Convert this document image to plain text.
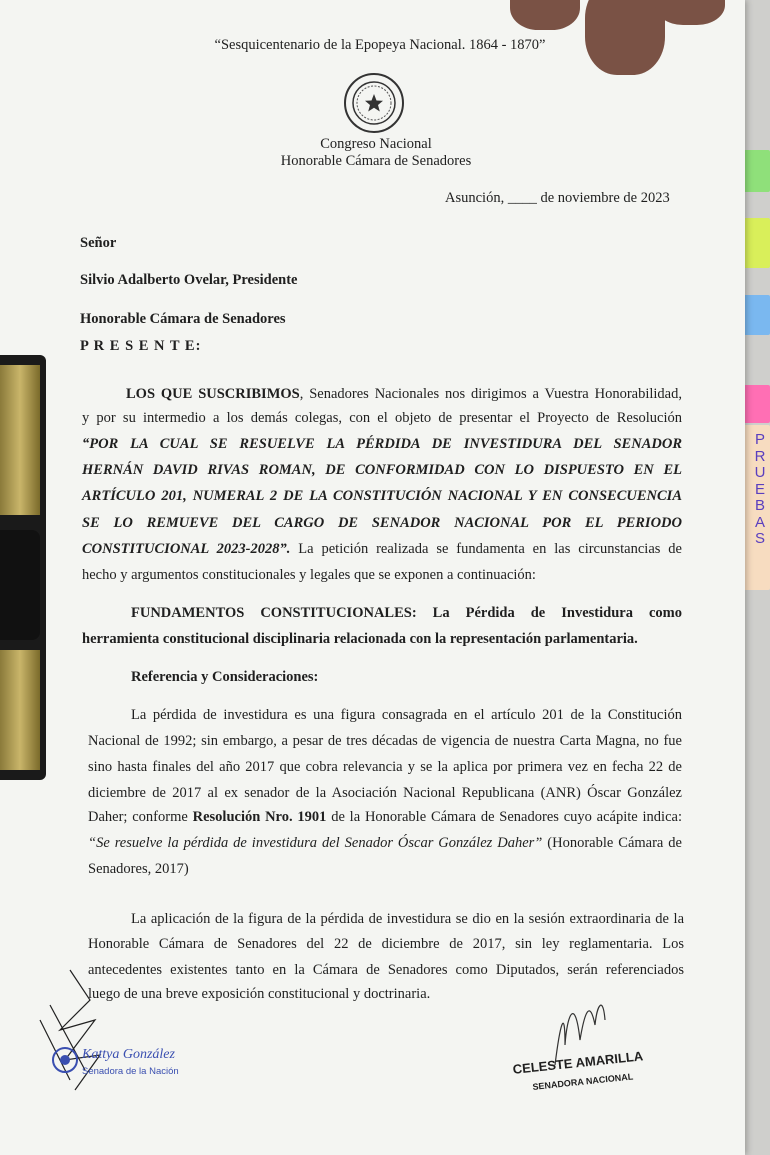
“Sesquicentenario de la Epopeya Nacional. 1864 - 1870”
Congreso Nacional
Honorable Cámara de Senadores
Asunción, ____ de noviembre de 2023
Señor
Silvio Adalberto Ovelar, Presidente
Honorable Cámara de Senadores
P R E S E N T E:
LOS QUE SUSCRIBIMOS, Senadores Nacionales nos dirigimos a Vuestra Honorabilidad,
y por su intermedio a los demás colegas, con el objeto de presentar el Proyecto de Resolución
“POR LA CUAL SE RESUELVE LA PÉRDIDA DE INVESTIDURA DEL SENADOR
HERNÁN DAVID RIVAS ROMAN, DE CONFORMIDAD CON LO DISPUESTO EN EL
ARTÍCULO 201, NUMERAL 2 DE LA CONSTITUCIÓN NACIONAL Y EN CONSECUENCIA
SE LO REMUEVE DEL CARGO DE SENADOR NACIONAL POR EL PERIODO
CONSTITUCIONAL 2023-2028”. La petición realizada se fundamenta en las circunstancias de
hecho y argumentos constitucionales y legales que se exponen a continuación:
FUNDAMENTOS CONSTITUCIONALES: La Pérdida de Investidura como
herramienta constitucional disciplinaria relacionada con la representación parlamentaria.
Referencia y Consideraciones:
La pérdida de investidura es una figura consagrada en el artículo 201 de la Constitución
Nacional de 1992; sin embargo, a pesar de tres décadas de vigencia de nuestra Carta Magna, no fue
sino hasta finales del año 2017 que cobra relevancia y se la aplica por primera vez en fecha 22 de
diciembre de 2017 al ex senador de la Asociación Nacional Republicana (ANR) Óscar González
Daher; conforme Resolución Nro. 1901 de la Honorable Cámara de Senadores cuyo acápite indica:
“Se resuelve la pérdida de investidura del Senador Óscar González Daher” (Honorable Cámara de
Senadores, 2017)
La aplicación de la figura de la pérdida de investidura se dio en la sesión extraordinaria de la
Honorable Cámara de Senadores del 22 de diciembre de 2017, sin ley reglamentaria. Los
antecedentes existentes tanto en la Cámara de Senadores como Diputados, serán referenciados
luego de una breve exposición constitucional y doctrinaria.
Kattya González
Senadora de la Nación	CELESTE AMARILLA
SENADORA NACIONAL
P
R
U
E
B
A
S
